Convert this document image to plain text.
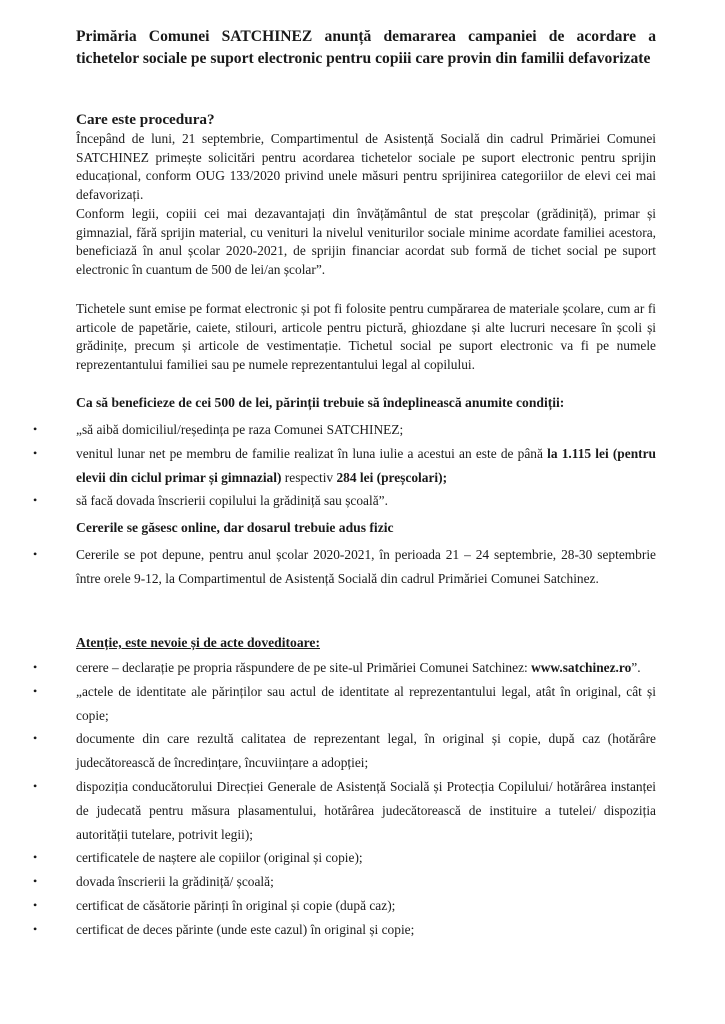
Primăria Comunei SATCHINEZ anunță demararea campaniei de acordare a tichetelor sociale pe suport electronic pentru copiii care provin din familii defavorizate

Care este procedura?

Începând de luni, 21 septembrie, Compartimentul de Asistență Socială din cadrul Primăriei Comunei SATCHINEZ primește solicitări pentru acordarea tichetelor sociale pe suport electronic pentru sprijin educațional, conform OUG 133/2020 privind unele măsuri pentru sprijinirea categoriilor de elevi cei mai defavorizați.

Conform legii, copiii cei mai dezavantajați din învățământul de stat preșcolar (grădiniță), primar și gimnazial, fără sprijin material, cu venituri la nivelul veniturilor sociale minime acordate familiei acestora, beneficiază în anul școlar 2020-2021, de sprijin financiar acordat sub formă de tichet social pe suport electronic în cuantum de 500 de lei/an școlar”.

Tichetele sunt emise pe format electronic și pot fi folosite pentru cumpărarea de materiale școlare, cum ar fi articole de papetărie, caiete, stilouri, articole pentru pictură, ghiozdane și alte lucruri necesare în școli și grădinițe, precum și articole de vestimentație. Tichetul social pe suport electronic va fi pe numele reprezentantului familiei sau pe numele reprezentantului legal al copilului.

Ca să beneficieze de cei 500 de lei, părinții trebuie să îndeplinească anumite condiții:

•	„să aibă domiciliul/reședința pe raza Comunei SATCHINEZ;
•	venitul lunar net pe membru de familie realizat în luna iulie a acestui an este de până la 1.115 lei (pentru elevii din ciclul primar și gimnazial) respectiv 284 lei (preșcolari);
•	să facă dovada înscrierii copilului la grădiniță sau școală”.

Cererile se găsesc online, dar dosarul trebuie adus fizic

•	Cererile se pot depune, pentru anul școlar 2020-2021, în perioada 21 – 24 septembrie, 28-30 septembrie între orele 9-12, la Compartimentul de Asistență Socială din cadrul Primăriei Comunei Satchinez.

Atenție, este nevoie și de acte doveditoare:

•	cerere – declarație pe propria răspundere de pe site-ul Primăriei Comunei Satchinez: www.satchinez.ro”.
•	„actele de identitate ale părinților sau actul de identitate al reprezentantului legal, atât în original, cât și copie;
•	documente din care rezultă calitatea de reprezentant legal, în original și copie, după caz (hotărâre judecătorească de încredințare, încuviințare a adopției;
•	dispoziția conducătorului Direcției Generale de Asistență Socială și Protecția Copilului/ hotărârea instanței de judecată pentru măsura plasamentului, hotărârea judecătorească de instituire a tutelei/ dispoziția autorității tutelare, potrivit legii);
•	certificatele de naștere ale copiilor (original și copie);
•	dovada înscrierii la grădiniță/ școală;
•	certificat de căsătorie părinți în original și copie (după caz);
•	certificat de deces părinte (unde este cazul) în original și copie;
